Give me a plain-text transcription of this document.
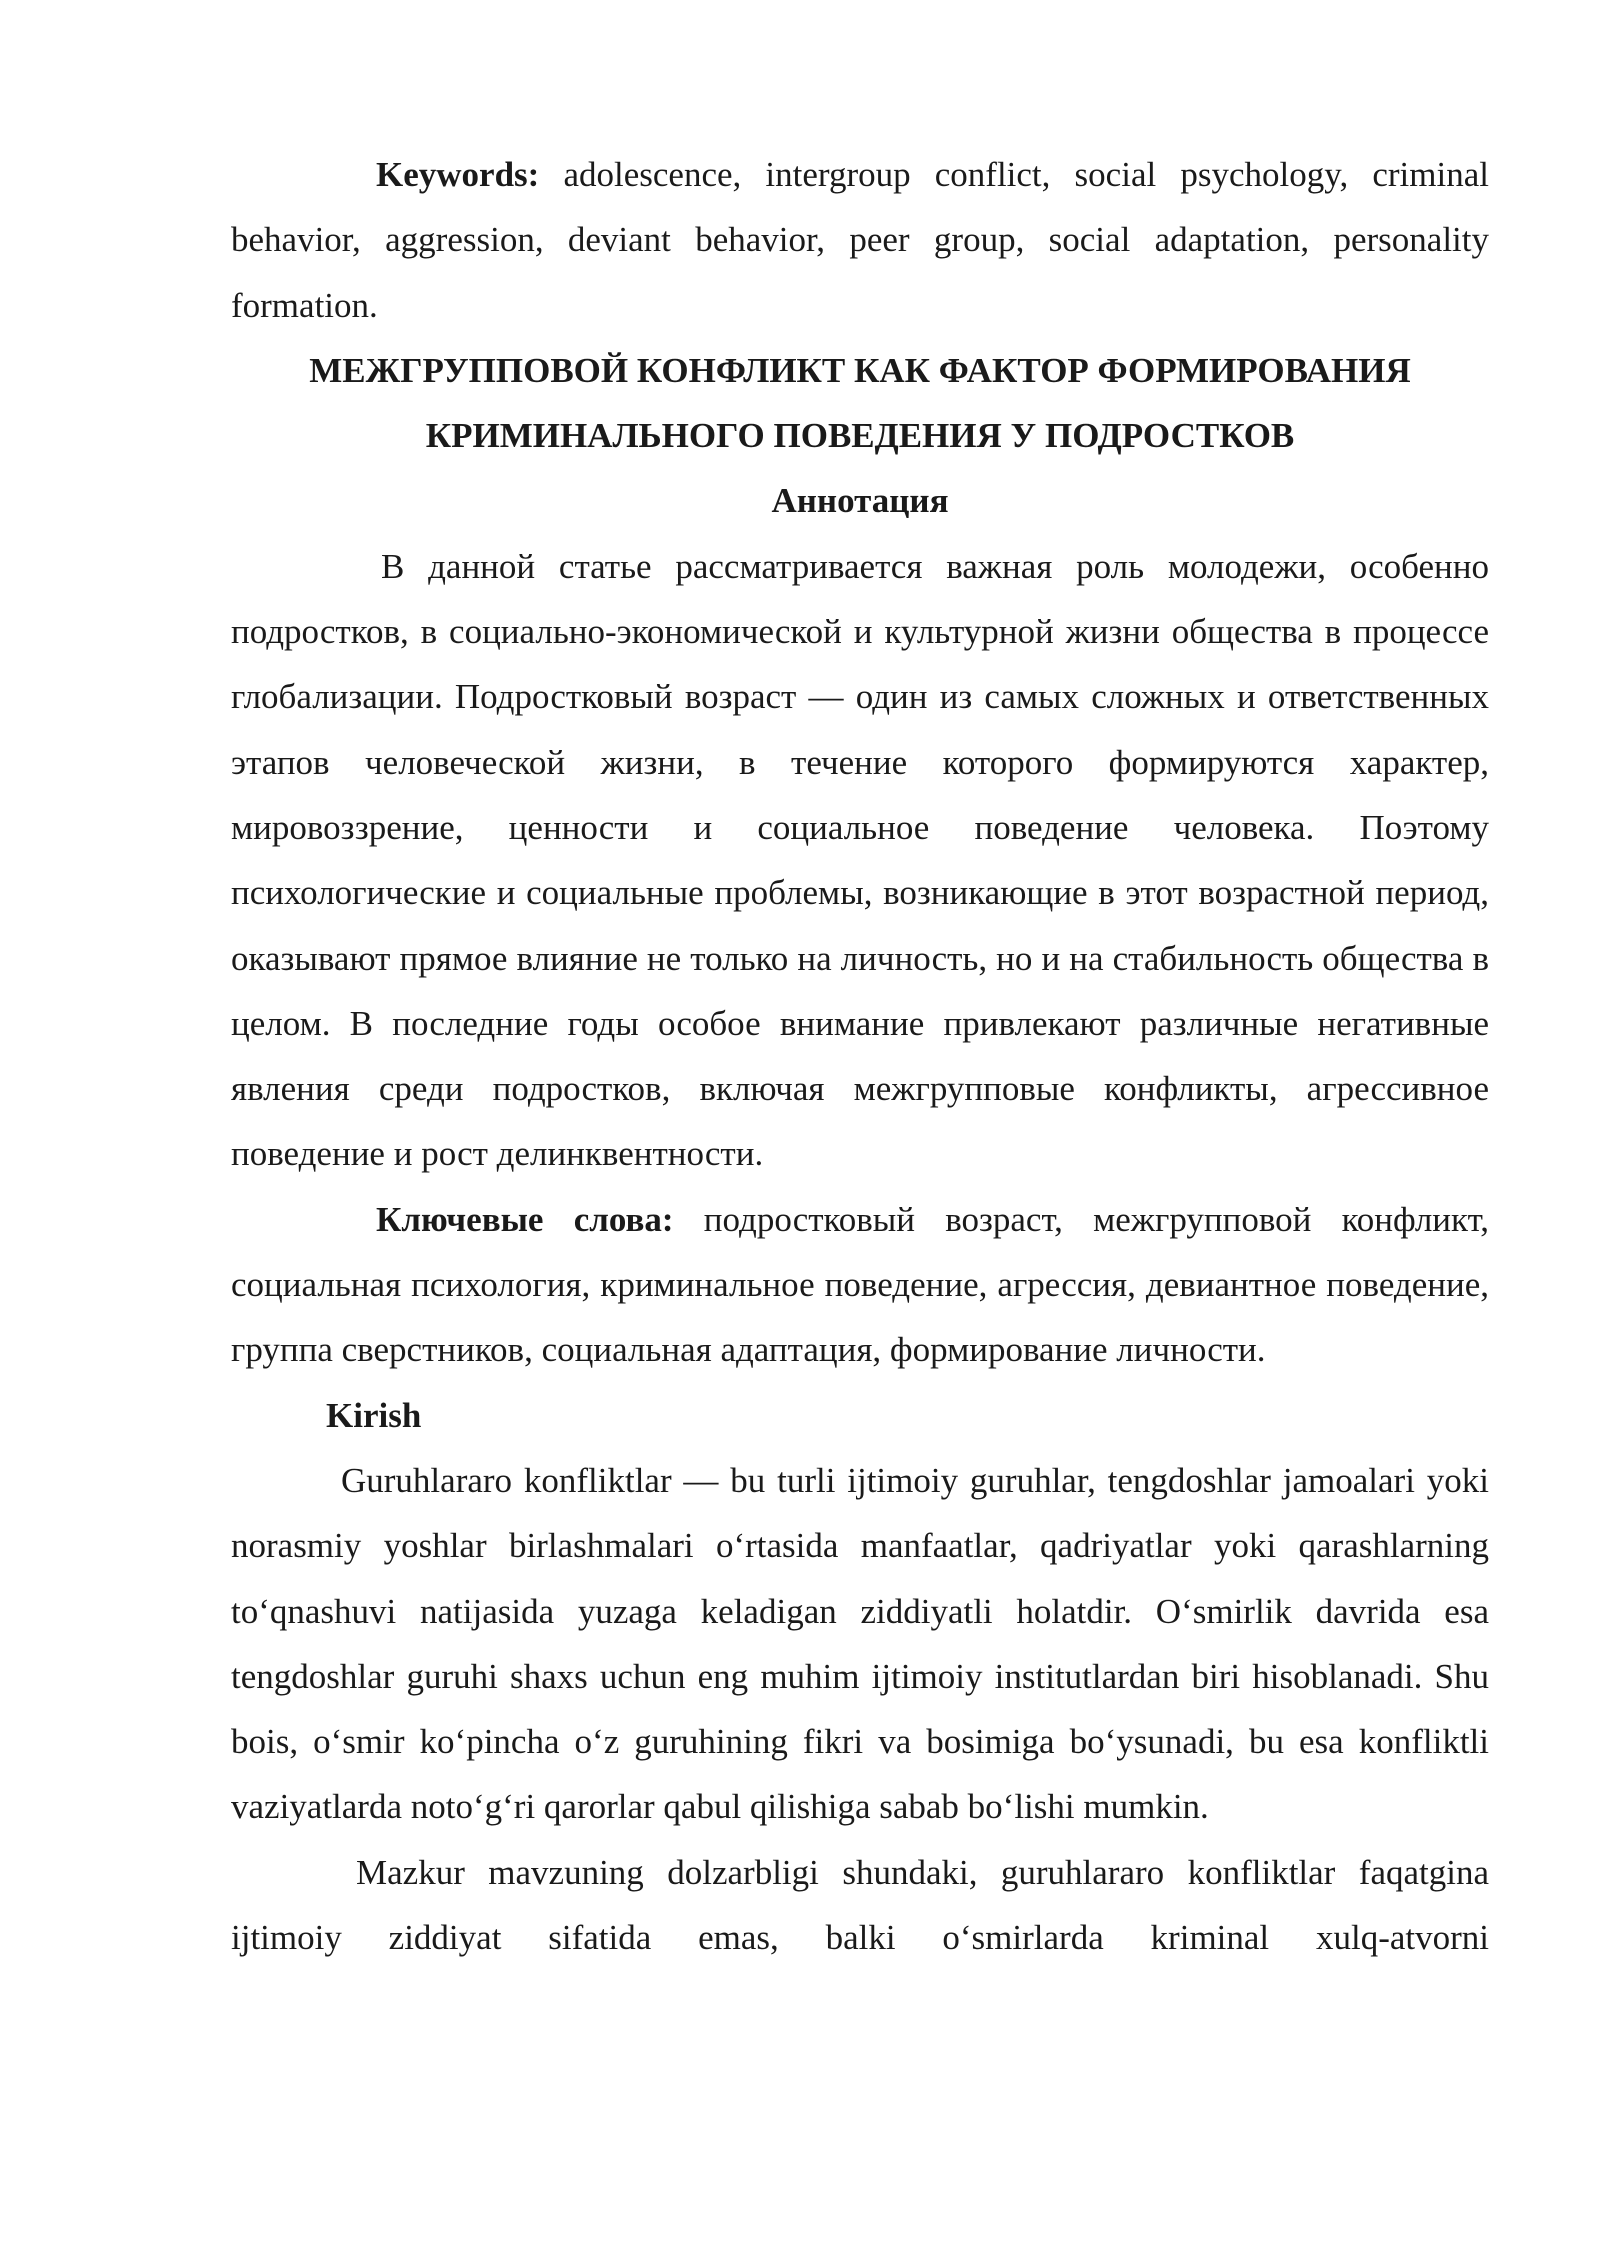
Keywords: adolescence, intergroup conflict, social psychology, criminal behavior, aggression, deviant behavior, peer group, social adaptation, personality formation.

МЕЖГРУППОВОЙ КОНФЛИКТ КАК ФАКТОР ФОРМИРОВАНИЯ
КРИМИНАЛЬНОГО ПОВЕДЕНИЯ У ПОДРОСТКОВ
Аннотация

В данной статье рассматривается важная роль молодежи, особенно подростков, в социально-экономической и культурной жизни общества в процессе глобализации. Подростковый возраст — один из самых сложных и ответственных этапов человеческой жизни, в течение которого формируются характер, мировоззрение, ценности и социальное поведение человека. Поэтому психологические и социальные проблемы, возникающие в этот возрастной период, оказывают прямое влияние не только на личность, но и на стабильность общества в целом. В последние годы особое внимание привлекают различные негативные явления среди подростков, включая межгрупповые конфликты, агрессивное поведение и рост делинквентности.

Ключевые слова: подростковый возраст, межгрупповой конфликт, социальная психология, криминальное поведение, агрессия, девиантное поведение, группа сверстников, социальная адаптация, формирование личности.

Kirish

Guruhlararo konfliktlar — bu turli ijtimoiy guruhlar, tengdoshlar jamoalari yoki norasmiy yoshlar birlashmalari oʻrtasida manfaatlar, qadriyatlar yoki qarashlarning toʻqnashuvi natijasida yuzaga keladigan ziddiyatli holatdir. Oʻsmirlik davrida esa tengdoshlar guruhi shaxs uchun eng muhim ijtimoiy institutlardan biri hisoblanadi. Shu bois, oʻsmir koʻpincha oʻz guruhining fikri va bosimiga boʻysunadi, bu esa konfliktli vaziyatlarda notoʻgʻri qarorlar qabul qilishiga sabab boʻlishi mumkin.

Mazkur mavzuning dolzarbligi shundaki, guruhlararo konfliktlar faqatgina ijtimoiy ziddiyat sifatida emas, balki oʻsmirlarda kriminal xulq-atvorni
